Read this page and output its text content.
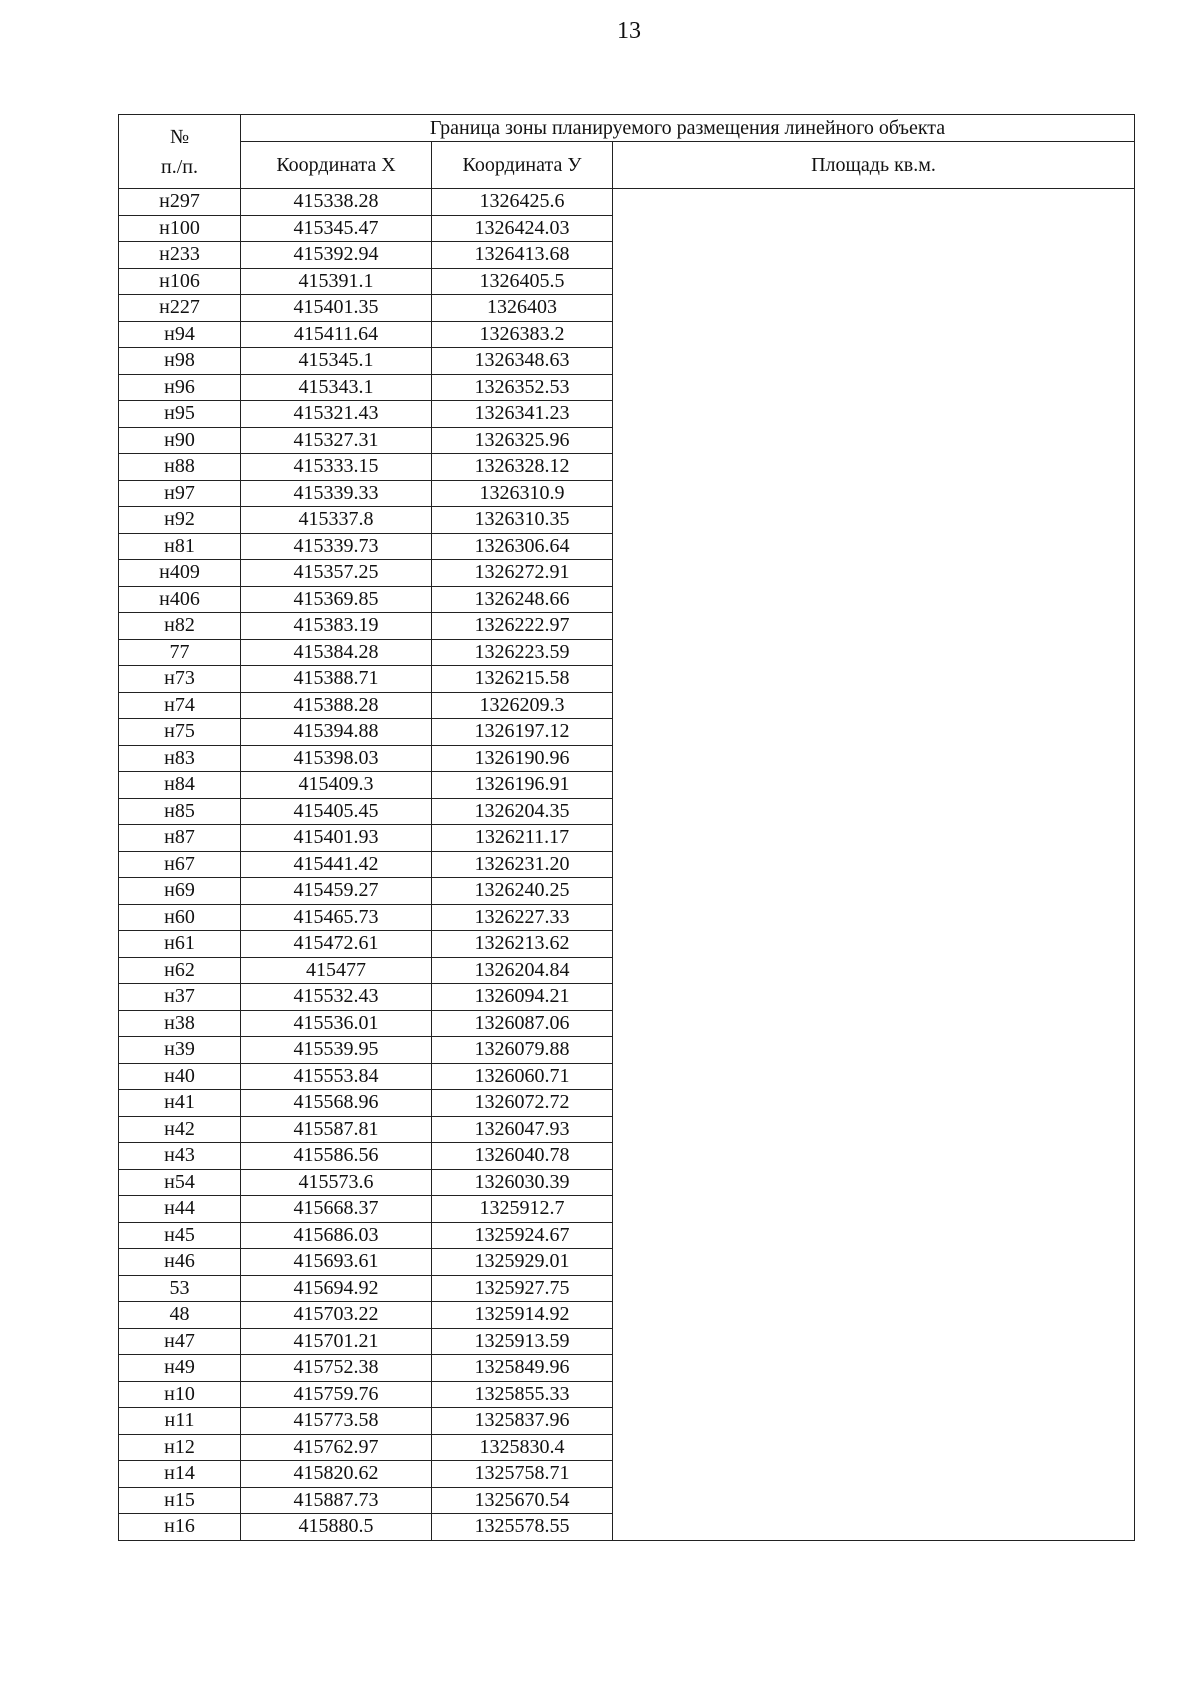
13
№
п./п.	Граница зоны планируемого размещения линейного объекта		
	Координата X	Координата У	Площадь кв.м.
н297	415338.28	1326425.6	
н100	415345.47	1326424.03	
н233	415392.94	1326413.68	
н106	415391.1	1326405.5	
н227	415401.35	1326403	
н94	415411.64	1326383.2	
н98	415345.1	1326348.63	
н96	415343.1	1326352.53	
н95	415321.43	1326341.23	
н90	415327.31	1326325.96	
н88	415333.15	1326328.12	
н97	415339.33	1326310.9	
н92	415337.8	1326310.35	
н81	415339.73	1326306.64	
н409	415357.25	1326272.91	
н406	415369.85	1326248.66	
н82	415383.19	1326222.97	
77	415384.28	1326223.59	
н73	415388.71	1326215.58	
н74	415388.28	1326209.3	
н75	415394.88	1326197.12	
н83	415398.03	1326190.96	
н84	415409.3	1326196.91	
н85	415405.45	1326204.35	
н87	415401.93	1326211.17	
н67	415441.42	1326231.20	
н69	415459.27	1326240.25	
н60	415465.73	1326227.33	
н61	415472.61	1326213.62	
н62	415477	1326204.84	
н37	415532.43	1326094.21	
н38	415536.01	1326087.06	
н39	415539.95	1326079.88	
н40	415553.84	1326060.71	
н41	415568.96	1326072.72	
н42	415587.81	1326047.93	
н43	415586.56	1326040.78	
н54	415573.6	1326030.39	
н44	415668.37	1325912.7	
н45	415686.03	1325924.67	
н46	415693.61	1325929.01	
53	415694.92	1325927.75	
48	415703.22	1325914.92	
н47	415701.21	1325913.59	
н49	415752.38	1325849.96	
н10	415759.76	1325855.33	
н11	415773.58	1325837.96	
н12	415762.97	1325830.4	
н14	415820.62	1325758.71	
н15	415887.73	1325670.54	
н16	415880.5	1325578.55	
